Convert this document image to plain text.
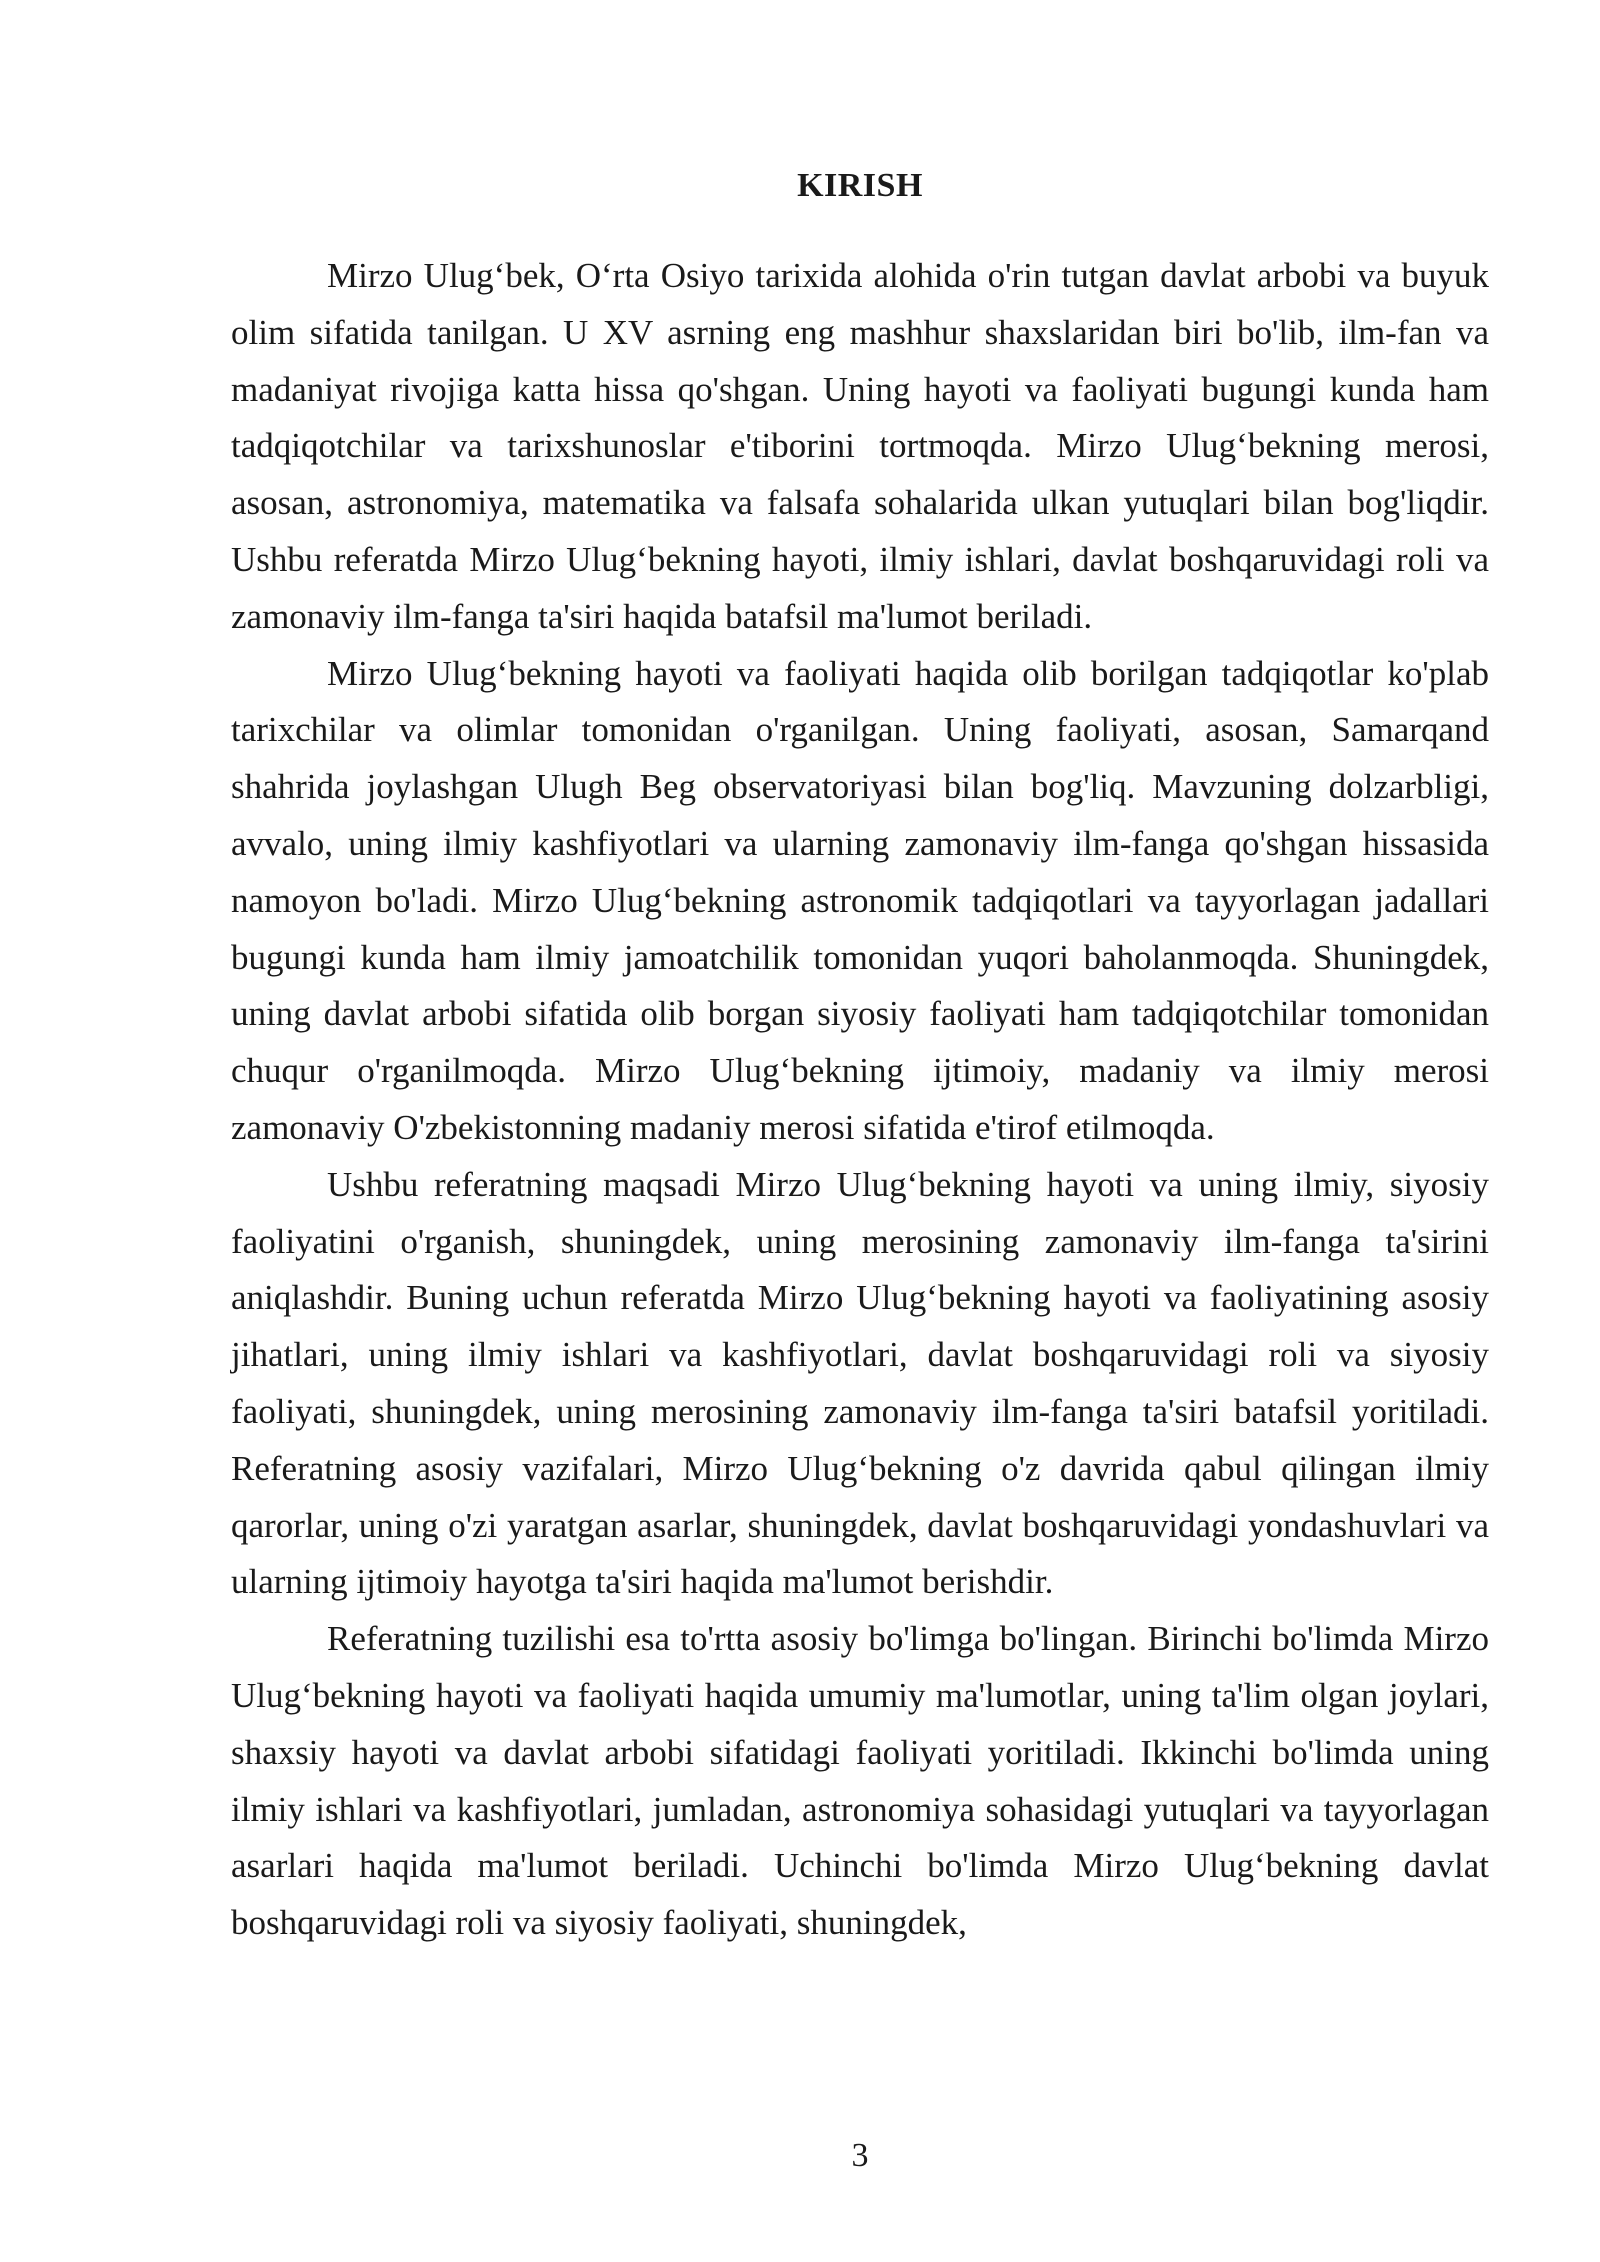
KIRISH

Mirzo Ulug‘bek, O‘rta Osiyo tarixida alohida o'rin tutgan davlat arbobi va buyuk olim sifatida tanilgan. U XV asrning eng mashhur shaxslaridan biri bo'lib, ilm-fan va madaniyat rivojiga katta hissa qo'shgan. Uning hayoti va faoliyati bugungi kunda ham tadqiqotchilar va tarixshunoslar e'tiborini tortmoqda. Mirzo Ulug‘bekning merosi, asosan, astronomiya, matematika va falsafa sohalarida ulkan yutuqlari bilan bog'liqdir. Ushbu referatda Mirzo Ulug‘bekning hayoti, ilmiy ishlari, davlat boshqaruvidagi roli va zamonaviy ilm-fanga ta'siri haqida batafsil ma'lumot beriladi.

Mirzo Ulug‘bekning hayoti va faoliyati haqida olib borilgan tadqiqotlar ko'plab tarixchilar va olimlar tomonidan o'rganilgan. Uning faoliyati, asosan, Samarqand shahrida joylashgan Ulugh Beg observatoriyasi bilan bog'liq. Mavzuning dolzarbligi, avvalo, uning ilmiy kashfiyotlari va ularning zamonaviy ilm-fanga qo'shgan hissasida namoyon bo'ladi. Mirzo Ulug‘bekning astronomik tadqiqotlari va tayyorlagan jadallari bugungi kunda ham ilmiy jamoatchilik tomonidan yuqori baholanmoqda. Shuningdek, uning davlat arbobi sifatida olib borgan siyosiy faoliyati ham tadqiqotchilar tomonidan chuqur o'rganilmoqda. Mirzo Ulug‘bekning ijtimoiy, madaniy va ilmiy merosi zamonaviy O'zbekistonning madaniy merosi sifatida e'tirof etilmoqda.

Ushbu referatning maqsadi Mirzo Ulug‘bekning hayoti va uning ilmiy, siyosiy faoliyatini o'rganish, shuningdek, uning merosining zamonaviy ilm-fanga ta'sirini aniqlashdir. Buning uchun referatda Mirzo Ulug‘bekning hayoti va faoliyatining asosiy jihatlari, uning ilmiy ishlari va kashfiyotlari, davlat boshqaruvidagi roli va siyosiy faoliyati, shuningdek, uning merosining zamonaviy ilm-fanga ta'siri batafsil yoritiladi. Referatning asosiy vazifalari, Mirzo Ulug‘bekning o'z davrida qabul qilingan ilmiy qarorlar, uning o'zi yaratgan asarlar, shuningdek, davlat boshqaruvidagi yondashuvlari va ularning ijtimoiy hayotga ta'siri haqida ma'lumot berishdir.

Referatning tuzilishi esa to'rtta asosiy bo'limga bo'lingan. Birinchi bo'limda Mirzo Ulug‘bekning hayoti va faoliyati haqida umumiy ma'lumotlar, uning ta'lim olgan joylari, shaxsiy hayoti va davlat arbobi sifatidagi faoliyati yoritiladi. Ikkinchi bo'limda uning ilmiy ishlari va kashfiyotlari, jumladan, astronomiya sohasidagi yutuqlari va tayyorlagan asarlari haqida ma'lumot beriladi. Uchinchi bo'limda Mirzo Ulug‘bekning davlat boshqaruvidagi roli va siyosiy faoliyati, shuningdek,

3
